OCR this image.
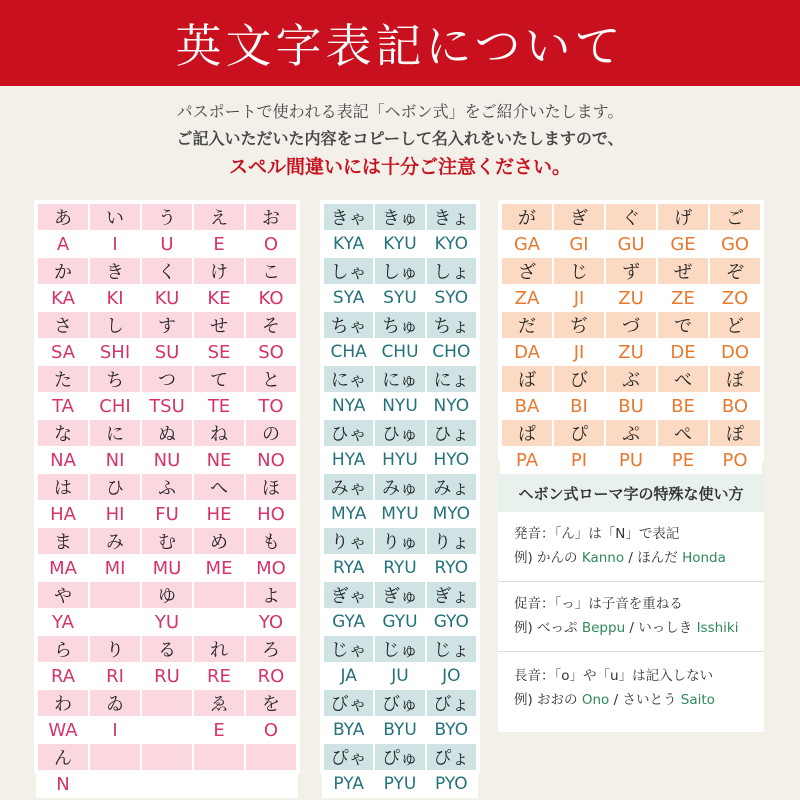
英文字表記について
パスポートで使われる表記「ヘボン式」をご紹介いたします。
ご記入いただいた内容をコピーして名入れをいたしますので、
スペル間違いには十分ご注意ください。
あ	い	う	え	お
A	I	U	E	O
か	き	く	け	こ
KA	KI	KU	KE	KO
さ	し	す	せ	そ
SA	SHI	SU	SE	SO
た	ち	つ	て	と
TA	CHI	TSU	TE	TO
な	に	ぬ	ね	の
NA	NI	NU	NE	NO
は	ひ	ふ	へ	ほ
HA	HI	FU	HE	HO
ま	み	む	め	も
MA	MI	MU	ME	MO
や		ゆ		よ
YA		YU		YO
ら	り	る	れ	ろ
RA	RI	RU	RE	RO
わ	ゐ		ゑ	を
WA	I		E	O
ん				
N				
きゃ	きゅ	きょ
KYA	KYU	KYO
しゃ	しゅ	しょ
SYA	SYU	SYO
ちゃ	ちゅ	ちょ
CHA	CHU	CHO
にゃ	にゅ	にょ
NYA	NYU	NYO
ひゃ	ひゅ	ひょ
HYA	HYU	HYO
みゃ	みゅ	みょ
MYA	MYU	MYO
りゃ	りゅ	りょ
RYA	RYU	RYO
ぎゃ	ぎゅ	ぎょ
GYA	GYU	GYO
じゃ	じゅ	じょ
JA	JU	JO
びゃ	びゅ	びょ
BYA	BYU	BYO
ぴゃ	ぴゅ	ぴょ
PYA	PYU	PYO
が	ぎ	ぐ	げ	ご
GA	GI	GU	GE	GO
ざ	じ	ず	ぜ	ぞ
ZA	JI	ZU	ZE	ZO
だ	ぢ	づ	で	ど
DA	JI	ZU	DE	DO
ば	び	ぶ	べ	ぼ
BA	BI	BU	BE	BO
ぱ	ぴ	ぷ	ぺ	ぽ
PA	PI	PU	PE	PO
ヘボン式ローマ字の特殊な使い方

発音：「ん」は「N」で表記

例) かんの Kanno / ほんだ Honda

促音：「っ」は子音を重ねる

例) べっぷ Beppu / いっしき Isshiki

長音：「o」や「u」は記入しない

例) おおの Ono / さいとう Saito
